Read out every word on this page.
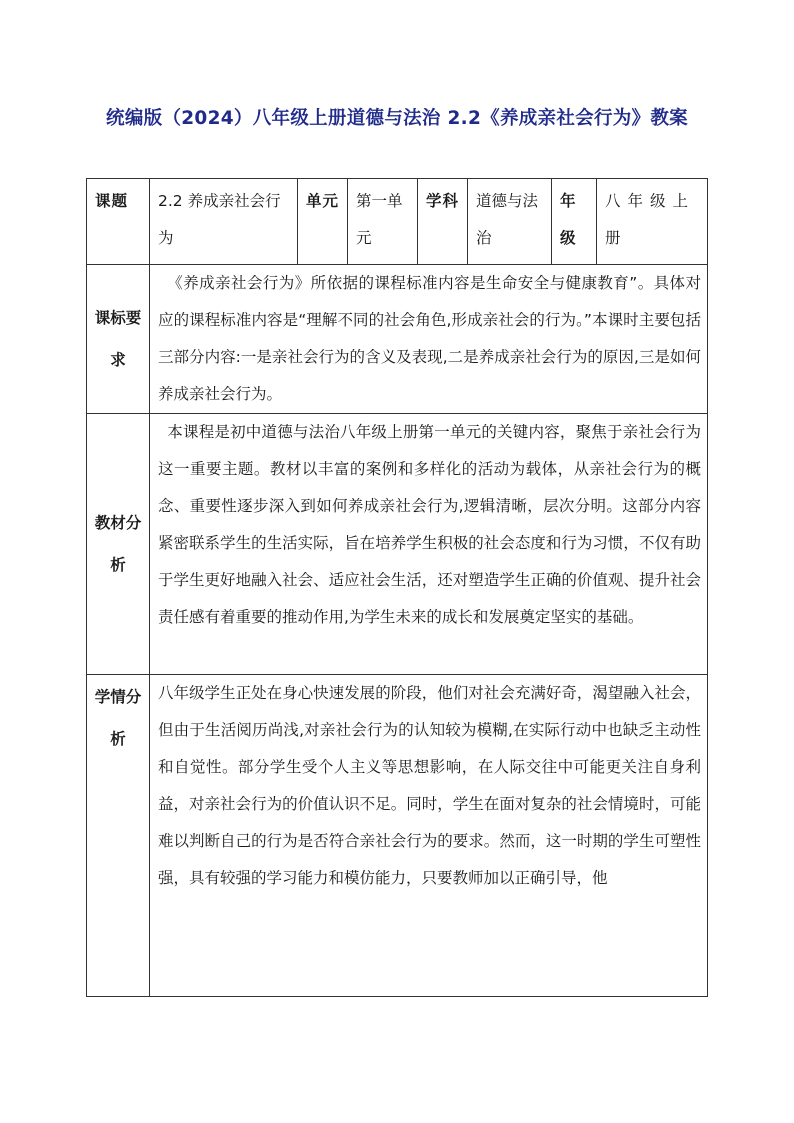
统编版（2024）八年级上册道德与法治 2.2《养成亲社会行为》教案
课题	2.2 养成亲社会行为	单元	第一单元	学科	道德与法治	年级	八年级上册
课标要求	《养成亲社会行为》所依据的课程标准内容是生命安全与健康教育”。具体对应的课程标准内容是“理解不同的社会角色,形成亲社会的行为。”本课时主要包括三部分内容:一是亲社会行为的含义及表现,二是养成亲社会行为的原因,三是如何养成亲社会行为。						
教材分析	本课程是初中道德与法治八年级上册第一单元的关键内容，聚焦于亲社会行为这一重要主题。教材以丰富的案例和多样化的活动为载体，从亲社会行为的概念、重要性逐步深入到如何养成亲社会行为,逻辑清晰，层次分明。这部分内容紧密联系学生的生活实际，旨在培养学生积极的社会态度和行为习惯，不仅有助于学生更好地融入社会、适应社会生活，还对塑造学生正确的价值观、提升社会责任感有着重要的推动作用,为学生未来的成长和发展奠定坚实的基础。						
学情分析	八年级学生正处在身心快速发展的阶段，他们对社会充满好奇，渴望融入社会，但由于生活阅历尚浅,对亲社会行为的认知较为模糊,在实际行动中也缺乏主动性和自觉性。部分学生受个人主义等思想影响，在人际交往中可能更关注自身利益，对亲社会行为的价值认识不足。同时，学生在面对复杂的社会情境时，可能难以判断自己的行为是否符合亲社会行为的要求。然而，这一时期的学生可塑性强，具有较强的学习能力和模仿能力，只要教师加以正确引导，他						
